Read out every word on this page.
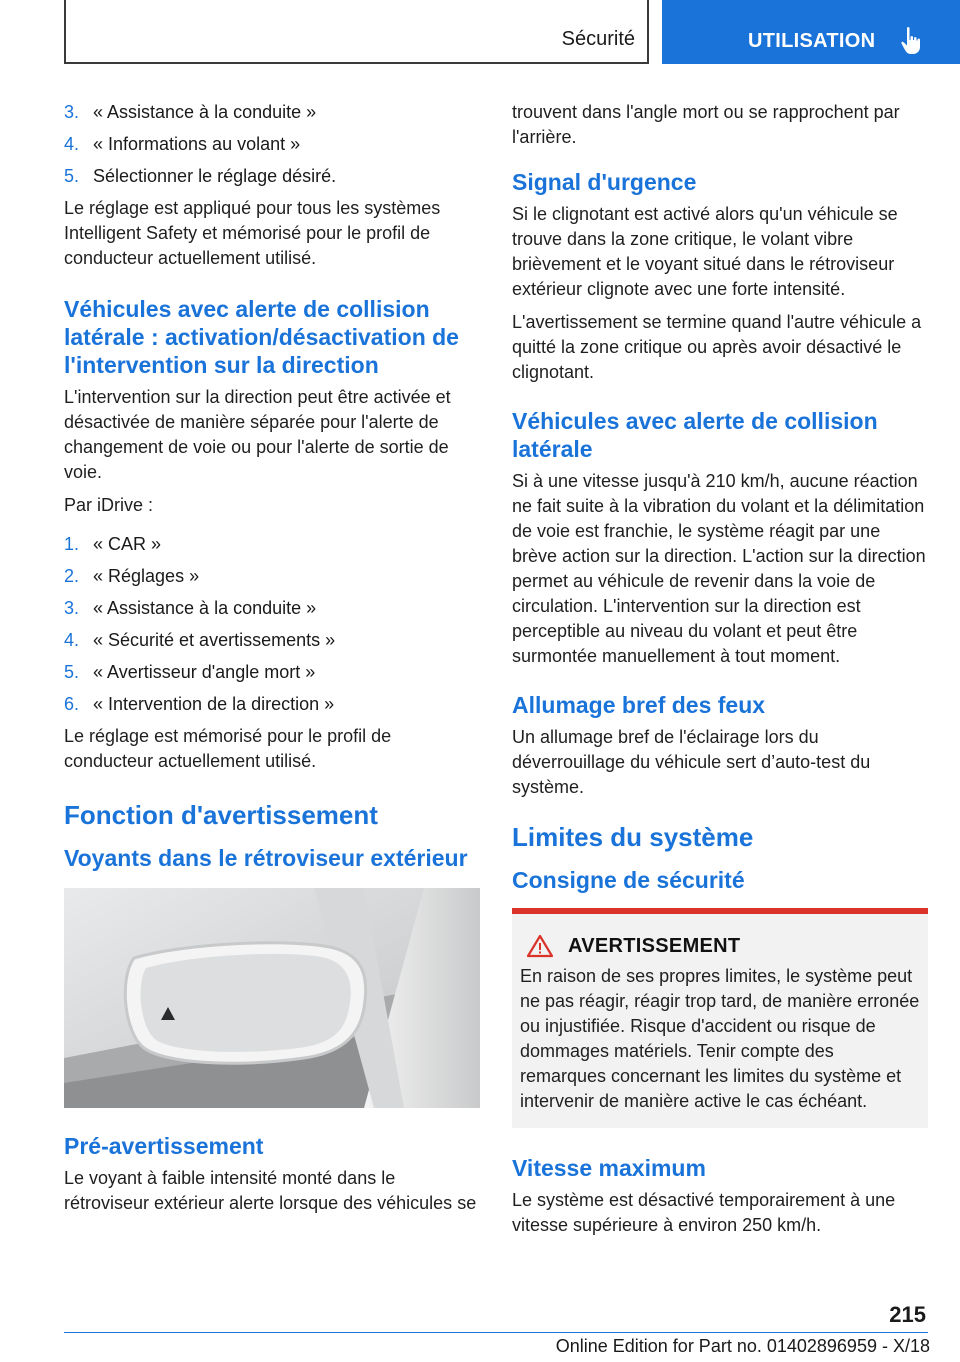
Sécurité	UTILISATION
3. « Assistance à la conduite »
4. « Informations au volant »
5. Sélectionner le réglage désiré.

Le réglage est appliqué pour tous les systèmes Intelligent Safety et mémorisé pour le profil de conducteur actuellement utilisé.

Véhicules avec alerte de collision latérale : activation/désactivation de l'intervention sur la direction

L'intervention sur la direction peut être activée et désactivée de manière séparée pour l'alerte de changement de voie ou pour l'alerte de sortie de voie.

Par iDrive :

1. « CAR »
2. « Réglages »
3. « Assistance à la conduite »
4. « Sécurité et avertissements »
5. « Avertisseur d'angle mort »
6. « Intervention de la direction »

Le réglage est mémorisé pour le profil de conducteur actuellement utilisé.

Fonction d'avertissement
Voyants dans le rétroviseur extérieur
Pré-avertissement

Le voyant à faible intensité monté dans le rétroviseur extérieur alerte lorsque des véhicules se

trouvent dans l'angle mort ou se rapprochent par l'arrière.

Signal d'urgence

Si le clignotant est activé alors qu'un véhicule se trouve dans la zone critique, le volant vibre brièvement et le voyant situé dans le rétroviseur extérieur clignote avec une forte intensité.

L'avertissement se termine quand l'autre véhicule a quitté la zone critique ou après avoir désactivé le clignotant.

Véhicules avec alerte de collision latérale

Si à une vitesse jusqu'à 210 km/h, aucune réaction ne fait suite à la vibration du volant et la délimitation de voie est franchie, le système réagit par une brève action sur la direction. L'action sur la direction permet au véhicule de revenir dans la voie de circulation. L'intervention sur la direction est perceptible au niveau du volant et peut être surmontée manuellement à tout moment.

Allumage bref des feux

Un allumage bref de l'éclairage lors du déverrouillage du véhicule sert d’auto-test du système.

Limites du système
Consigne de sécurité
AVERTISSEMENT

En raison de ses propres limites, le système peut ne pas réagir, réagir trop tard, de manière erronée ou injustifiée. Risque d'accident ou risque de dommages matériels. Tenir compte des remarques concernant les limites du système et intervenir de manière active le cas échéant.

Vitesse maximum

Le système est désactivé temporairement à une vitesse supérieure à environ 250 km/h.

215
Online Edition for Part no. 01402896959 - X/18
